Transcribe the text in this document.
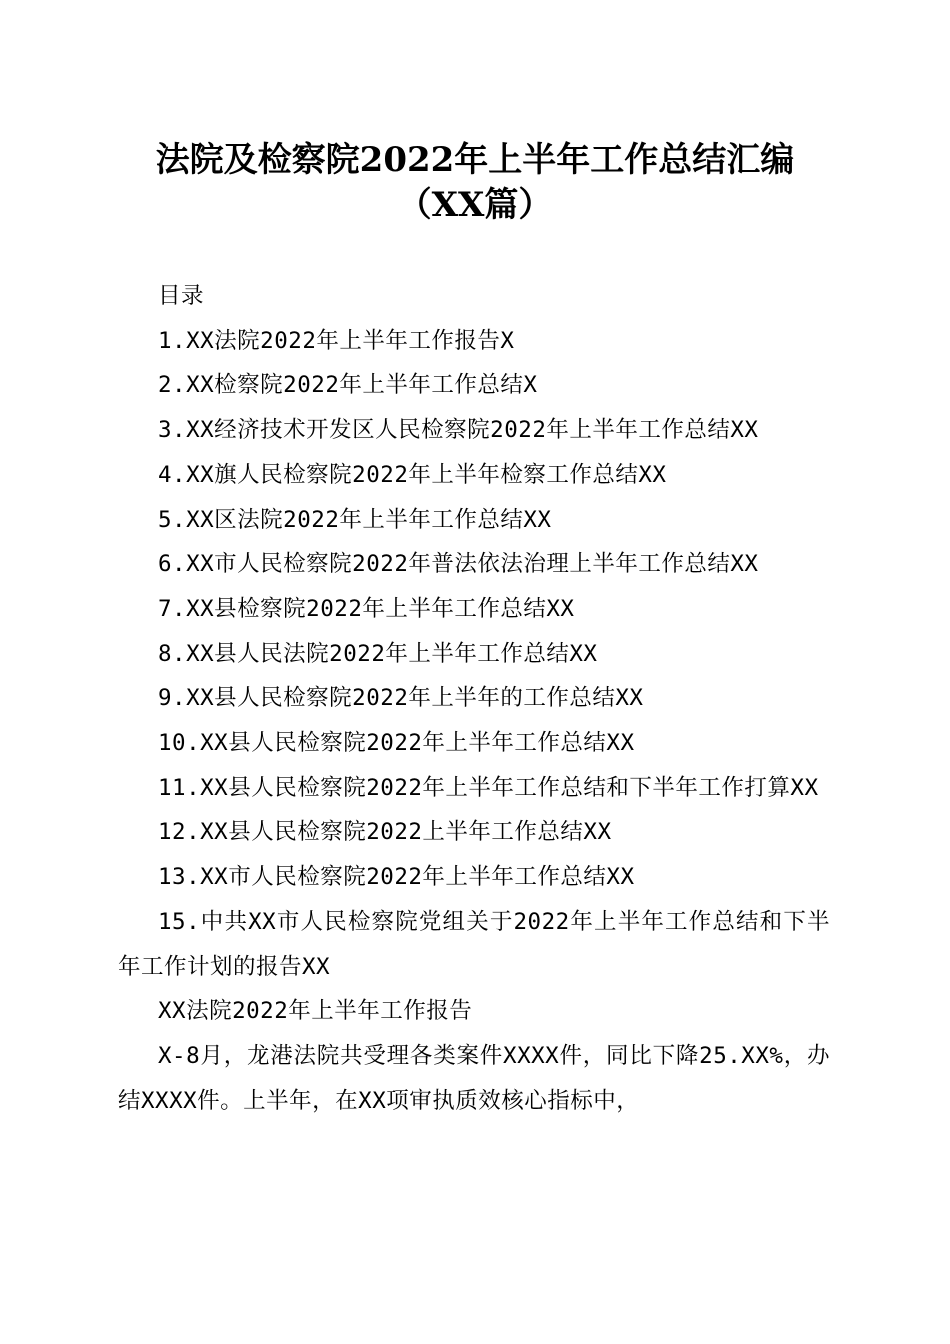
法院及检察院2022年上半年工作总结汇编
（XX篇）

目录

1.XX法院2022年上半年工作报告X

2.XX检察院2022年上半年工作总结X

3.XX经济技术开发区人民检察院2022年上半年工作总结XX

4.XX旗人民检察院2022年上半年检察工作总结XX

5.XX区法院2022年上半年工作总结XX

6.XX市人民检察院2022年普法依法治理上半年工作总结XX

7.XX县检察院2022年上半年工作总结XX

8.XX县人民法院2022年上半年工作总结XX

9.XX县人民检察院2022年上半年的工作总结XX

10.XX县人民检察院2022年上半年工作总结XX

11.XX县人民检察院2022年上半年工作总结和下半年工作打算XX

12.XX县人民检察院2022上半年工作总结XX

13.XX市人民检察院2022年上半年工作总结XX

15.中共XX市人民检察院党组关于2022年上半年工作总结和下半年工作计划的报告XX

XX法院2022年上半年工作报告

X-8月，龙港法院共受理各类案件XXXX件，同比下降25.XX%，办结XXXX件。上半年，在XX项审执质效核心指标中，
